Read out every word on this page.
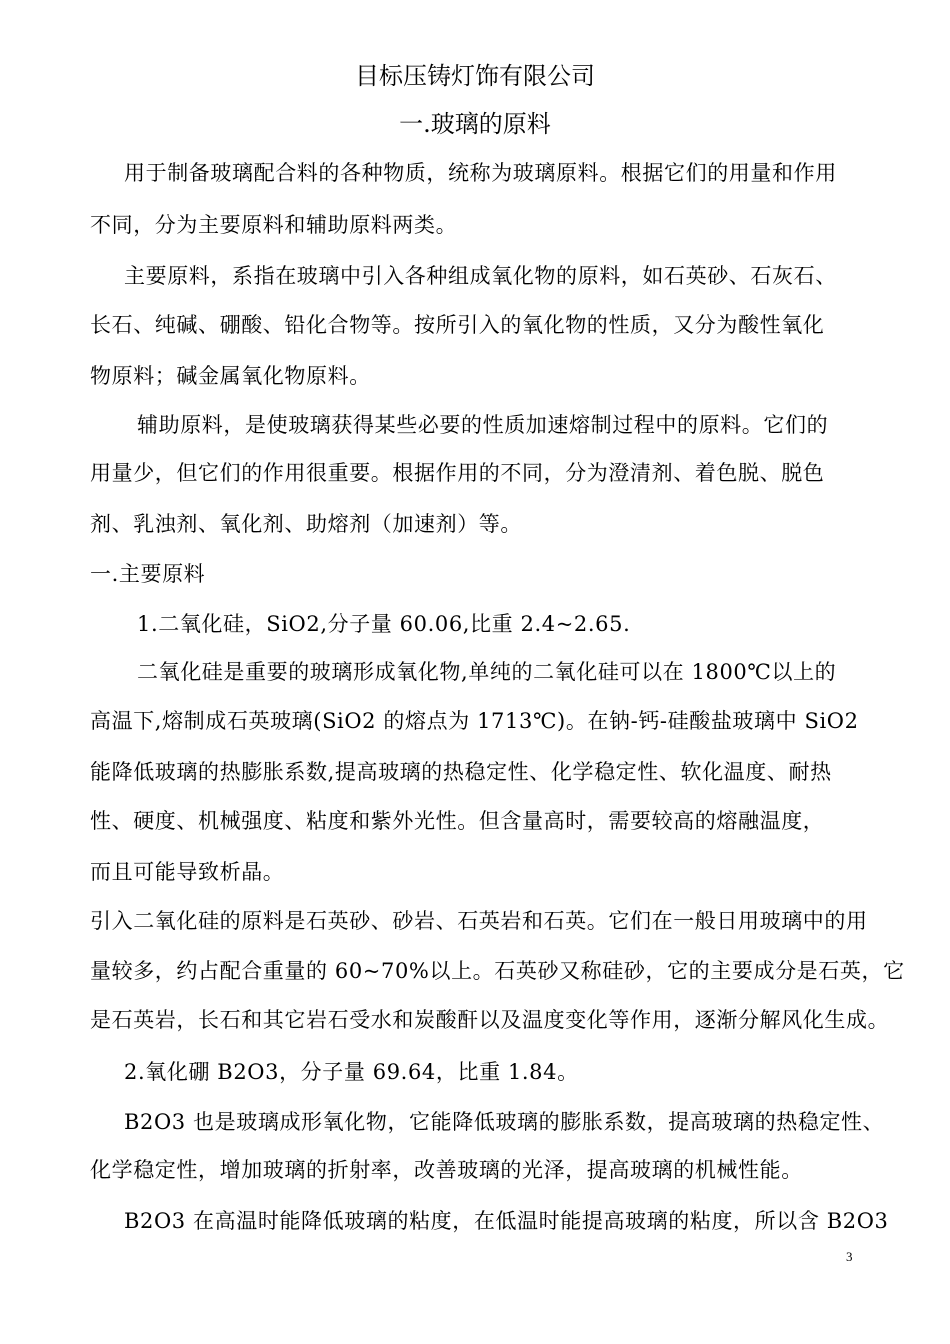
目标压铸灯饰有限公司
一.玻璃的原料
用于制备玻璃配合料的各种物质，统称为玻璃原料。根据它们的用量和作用
不同，分为主要原料和辅助原料两类。
主要原料，系指在玻璃中引入各种组成氧化物的原料，如石英砂、石灰石、
长石、纯碱、硼酸、铅化合物等。按所引入的氧化物的性质，又分为酸性氧化
物原料；碱金属氧化物原料。
辅助原料，是使玻璃获得某些必要的性质加速熔制过程中的原料。它们的
用量少，但它们的作用很重要。根据作用的不同，分为澄清剂、着色脱、脱色
剂、乳浊剂、氧化剂、助熔剂（加速剂）等。
一.主要原料
1.二氧化硅，SiO2,分子量 60.06,比重 2.4~2.65.
二氧化硅是重要的玻璃形成氧化物,单纯的二氧化硅可以在 1800℃以上的
高温下,熔制成石英玻璃(SiO2 的熔点为 1713℃)。在钠-钙-硅酸盐玻璃中 SiO2
能降低玻璃的热膨胀系数,提高玻璃的热稳定性、化学稳定性、软化温度、耐热
性、硬度、机械强度、粘度和紫外光性。但含量高时，需要较高的熔融温度，
而且可能导致析晶。
引入二氧化硅的原料是石英砂、砂岩、石英岩和石英。它们在一般日用玻璃中的用
量较多，约占配合重量的 60~70%以上。石英砂又称硅砂，它的主要成分是石英，它
是石英岩，长石和其它岩石受水和炭酸酐以及温度变化等作用，逐渐分解风化生成。
2.氧化硼 B2O3，分子量 69.64，比重 1.84。
B2O3 也是玻璃成形氧化物，它能降低玻璃的膨胀系数，提高玻璃的热稳定性、
化学稳定性，增加玻璃的折射率，改善玻璃的光泽，提高玻璃的机械性能。
B2O3 在高温时能降低玻璃的粘度，在低温时能提高玻璃的粘度，所以含 B2O3
3
